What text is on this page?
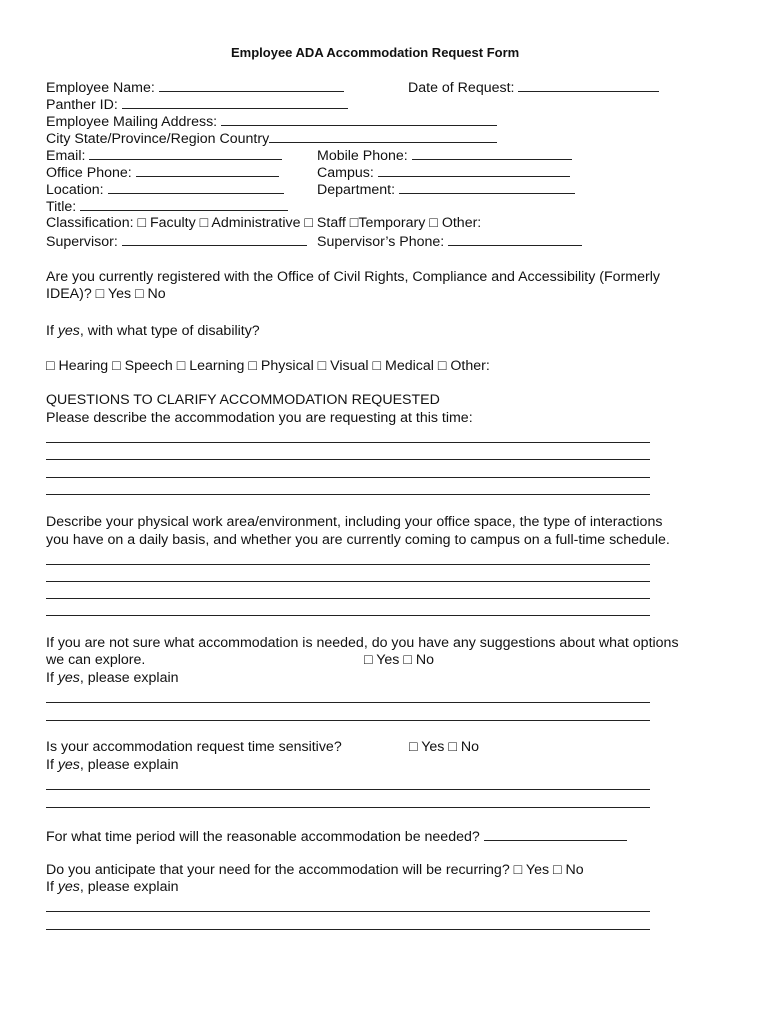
Employee ADA Accommodation Request Form
Employee Name:	Date of Request:
Panther ID:
Employee Mailing Address:
City State/Province/Region Country
Email:	Mobile Phone:
Office Phone:	Campus:
Location:	Department:
Title:
Classification: □ Faculty □ Administrative □ Staff □Temporary □ Other:
Supervisor:	Supervisor’s Phone:
Are you currently registered with the Office of Civil Rights, Compliance and Accessibility (Formerly
IDEA)? □ Yes □ No
If yes, with what type of disability?
□ Hearing □ Speech □ Learning □ Physical □ Visual □ Medical □ Other:
QUESTIONS TO CLARIFY ACCOMMODATION REQUESTED
Please describe the accommodation you are requesting at this time:
Describe your physical work area/environment, including your office space, the type of interactions
you have on a daily basis, and whether you are currently coming to campus on a full-time schedule.
If you are not sure what accommodation is needed, do you have any suggestions about what options
we can explore.	□ Yes □ No
If yes, please explain
Is your accommodation request time sensitive?	□ Yes □ No
If yes, please explain
For what time period will the reasonable accommodation be needed?
Do you anticipate that your need for the accommodation will be recurring? □ Yes □ No
If yes, please explain
